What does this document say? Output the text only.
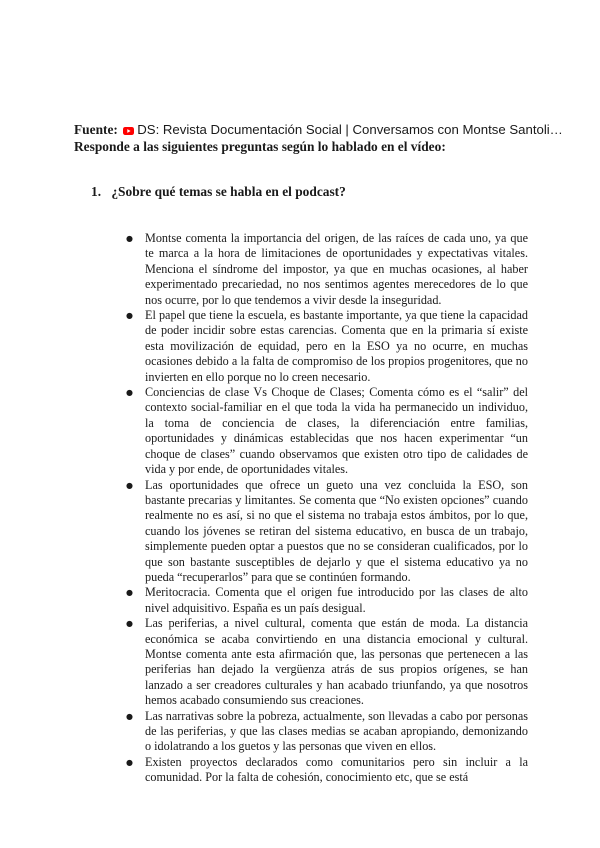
Fuente: DS: Revista Documentación Social | Conversamos con Montse Santoli…
Responde a las siguientes preguntas según lo hablado en el vídeo:
1. ¿Sobre qué temas se habla en el podcast?
● Montse comenta la importancia del origen, de las raíces de cada uno, ya que te marca a la hora de limitaciones de oportunidades y expectativas vitales. Menciona el síndrome del impostor, ya que en muchas ocasiones, al haber experimentado precariedad, no nos sentimos agentes merecedores de lo que nos ocurre, por lo que tendemos a vivir desde la inseguridad.
● El papel que tiene la escuela, es bastante importante, ya que tiene la capacidad de poder incidir sobre estas carencias. Comenta que en la primaria sí existe esta movilización de equidad, pero en la ESO ya no ocurre, en muchas ocasiones debido a la falta de compromiso de los propios progenitores, que no invierten en ello porque no lo creen necesario.
● Conciencias de clase Vs Choque de Clases; Comenta cómo es el “salir” del contexto social-familiar en el que toda la vida ha permanecido un individuo, la toma de conciencia de clases, la diferenciación entre familias, oportunidades y dinámicas establecidas que nos hacen experimentar “un choque de clases” cuando observamos que existen otro tipo de calidades de vida y por ende, de oportunidades vitales.
● Las oportunidades que ofrece un gueto una vez concluida la ESO, son bastante precarias y limitantes. Se comenta que “No existen opciones” cuando realmente no es así, si no que el sistema no trabaja estos ámbitos, por lo que, cuando los jóvenes se retiran del sistema educativo, en busca de un trabajo, simplemente pueden optar a puestos que no se consideran cualificados, por lo que son bastante susceptibles de dejarlo y que el sistema educativo ya no pueda “recuperarlos” para que se continúen formando.
● Meritocracia. Comenta que el origen fue introducido por las clases de alto nivel adquisitivo. España es un país desigual.
● Las periferias, a nivel cultural, comenta que están de moda. La distancia económica se acaba convirtiendo en una distancia emocional y cultural. Montse comenta ante esta afirmación que, las personas que pertenecen a las periferias han dejado la vergüenza atrás de sus propios orígenes, se han lanzado a ser creadores culturales y han acabado triunfando, ya que nosotros hemos acabado consumiendo sus creaciones.
● Las narrativas sobre la pobreza, actualmente, son llevadas a cabo por personas de las periferias, y que las clases medias se acaban apropiando, demonizando o idolatrando a los guetos y las personas que viven en ellos.
● Existen proyectos declarados como comunitarios pero sin incluir a la comunidad. Por la falta de cohesión, conocimiento etc, que se está
